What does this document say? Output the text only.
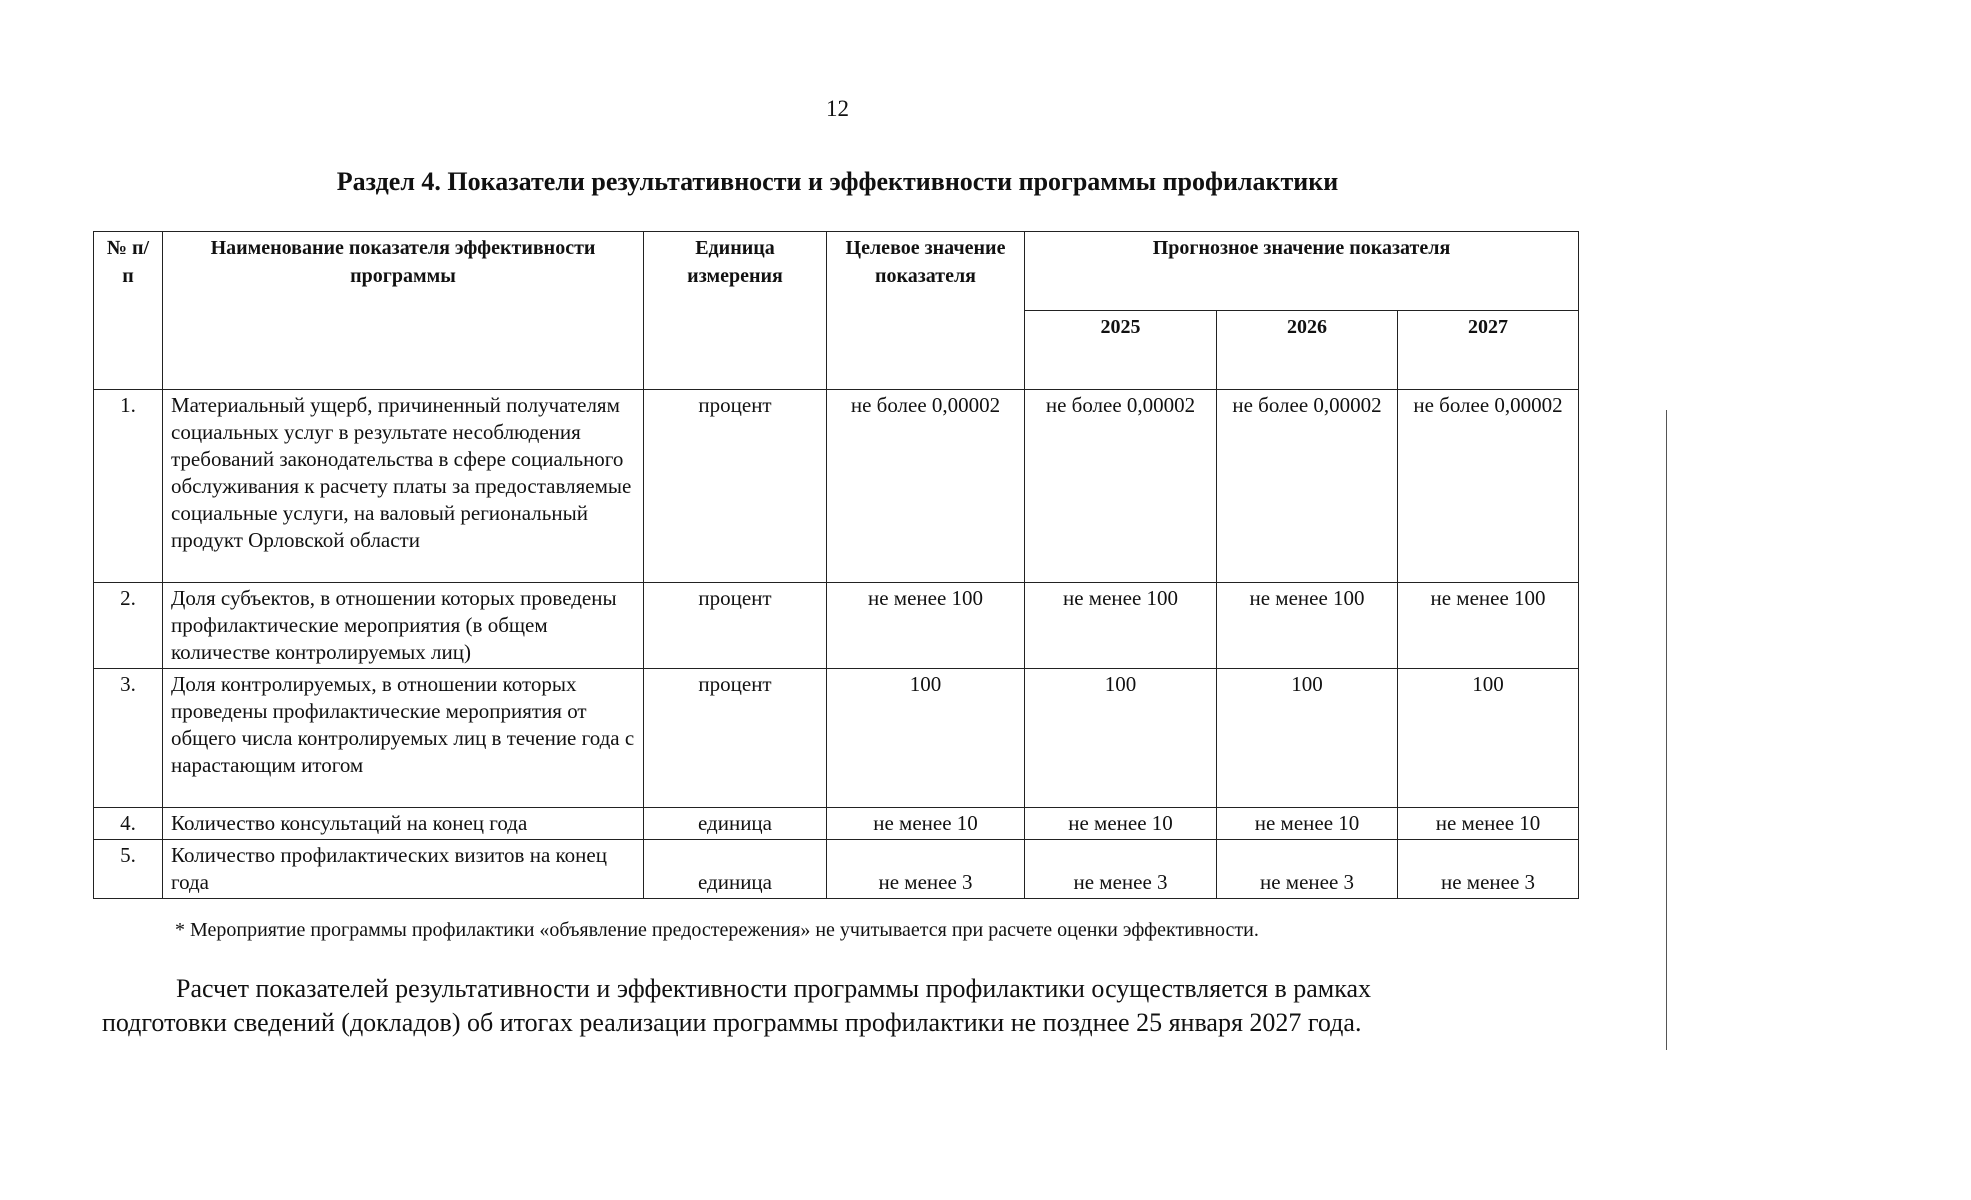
12
Раздел 4. Показатели результативности и эффективности программы профилактики
№ п/п	Наименование показателя эффективности программы	Единица измерения	Целевое значение показателя	Прогнозное значение показателя		
				2025	2026	2027
1.	Материальный ущерб, причиненный получателям социальных услуг в результате несоблюдения требований законодательства в сфере социального обслуживания к расчету платы за предоставляемые социальные услуги, на валовый региональный продукт Орловской области	процент	не более 0,00002	не более 0,00002	не более 0,00002	не более 0,00002
2.	Доля субъектов, в отношении которых проведены профилактические мероприятия (в общем количестве контролируемых лиц)	процент	не менее 100	не менее 100	не менее 100	не менее 100
3.	Доля контролируемых, в отношении которых проведены профилактические мероприятия от общего числа контролируемых лиц в течение года с нарастающим итогом	процент	100	100	100	100
4.	Количество консультаций на конец года	единица	не менее 10	не менее 10	не менее 10	не менее 10
5.	Количество профилактических визитов на конец года	единица	не менее 3	не менее 3	не менее 3	не менее 3
* Мероприятие программы профилактики «объявление предостережения» не учитывается при расчете оценки эффективности.
Расчет показателей результативности и эффективности программы профилактики осуществляется в рамках подготовки сведений (докладов) об итогах реализации программы профилактики не позднее 25 января 2027 года.
